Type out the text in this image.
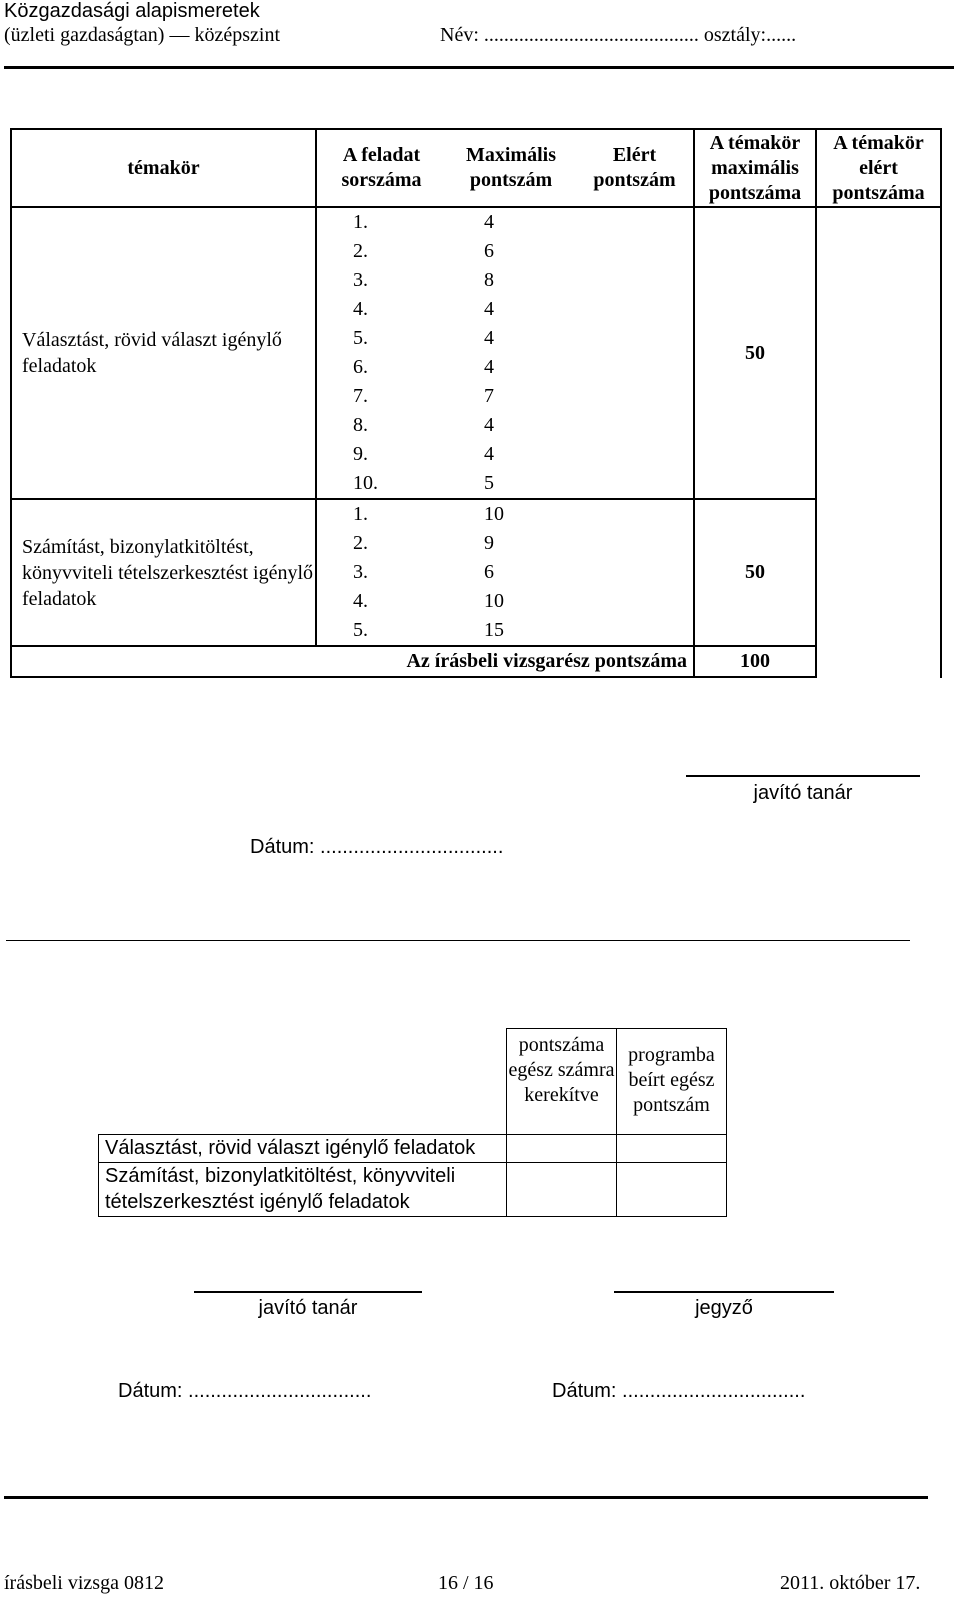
Közgazdasági alapismeretek
(üzleti gazdaságtan) — középszint	Név: ........................................... osztály:......
témakör	A feladat sorszáma	Maximális pontszám	Elért pontszám	A témakör maximális pontszáma	A témakör elért pontszáma	
Választást, rövid választ igénylő feladatok	1.	4		50		
	2.	6				
	3.	8				
	4.	4				
	5.	4				
	6.	4				
	7.	7				
	8.	4				
	9.	4				
	10.	5				
Számítást, bizonylatkitöltést, könyvviteli tételszerkesztést igénylő feladatok	1.	10		50		
	2.	9				
	3.	6				
	4.	10				
	5.	15				
Az írásbeli vizsgarész pontszáma				100		
javító tanár
Dátum: .................................
	pontszáma egész számra kerekítve	programba beírt egész pontszám
Választást, rövid választ igénylő feladatok		
Számítást, bizonylatkitöltést, könyvviteli tételszerkesztést igénylő feladatok		
javító tanár	jegyző
Dátum: .................................	Dátum: .................................
írásbeli vizsga 0812	16 / 16	2011. október 17.
